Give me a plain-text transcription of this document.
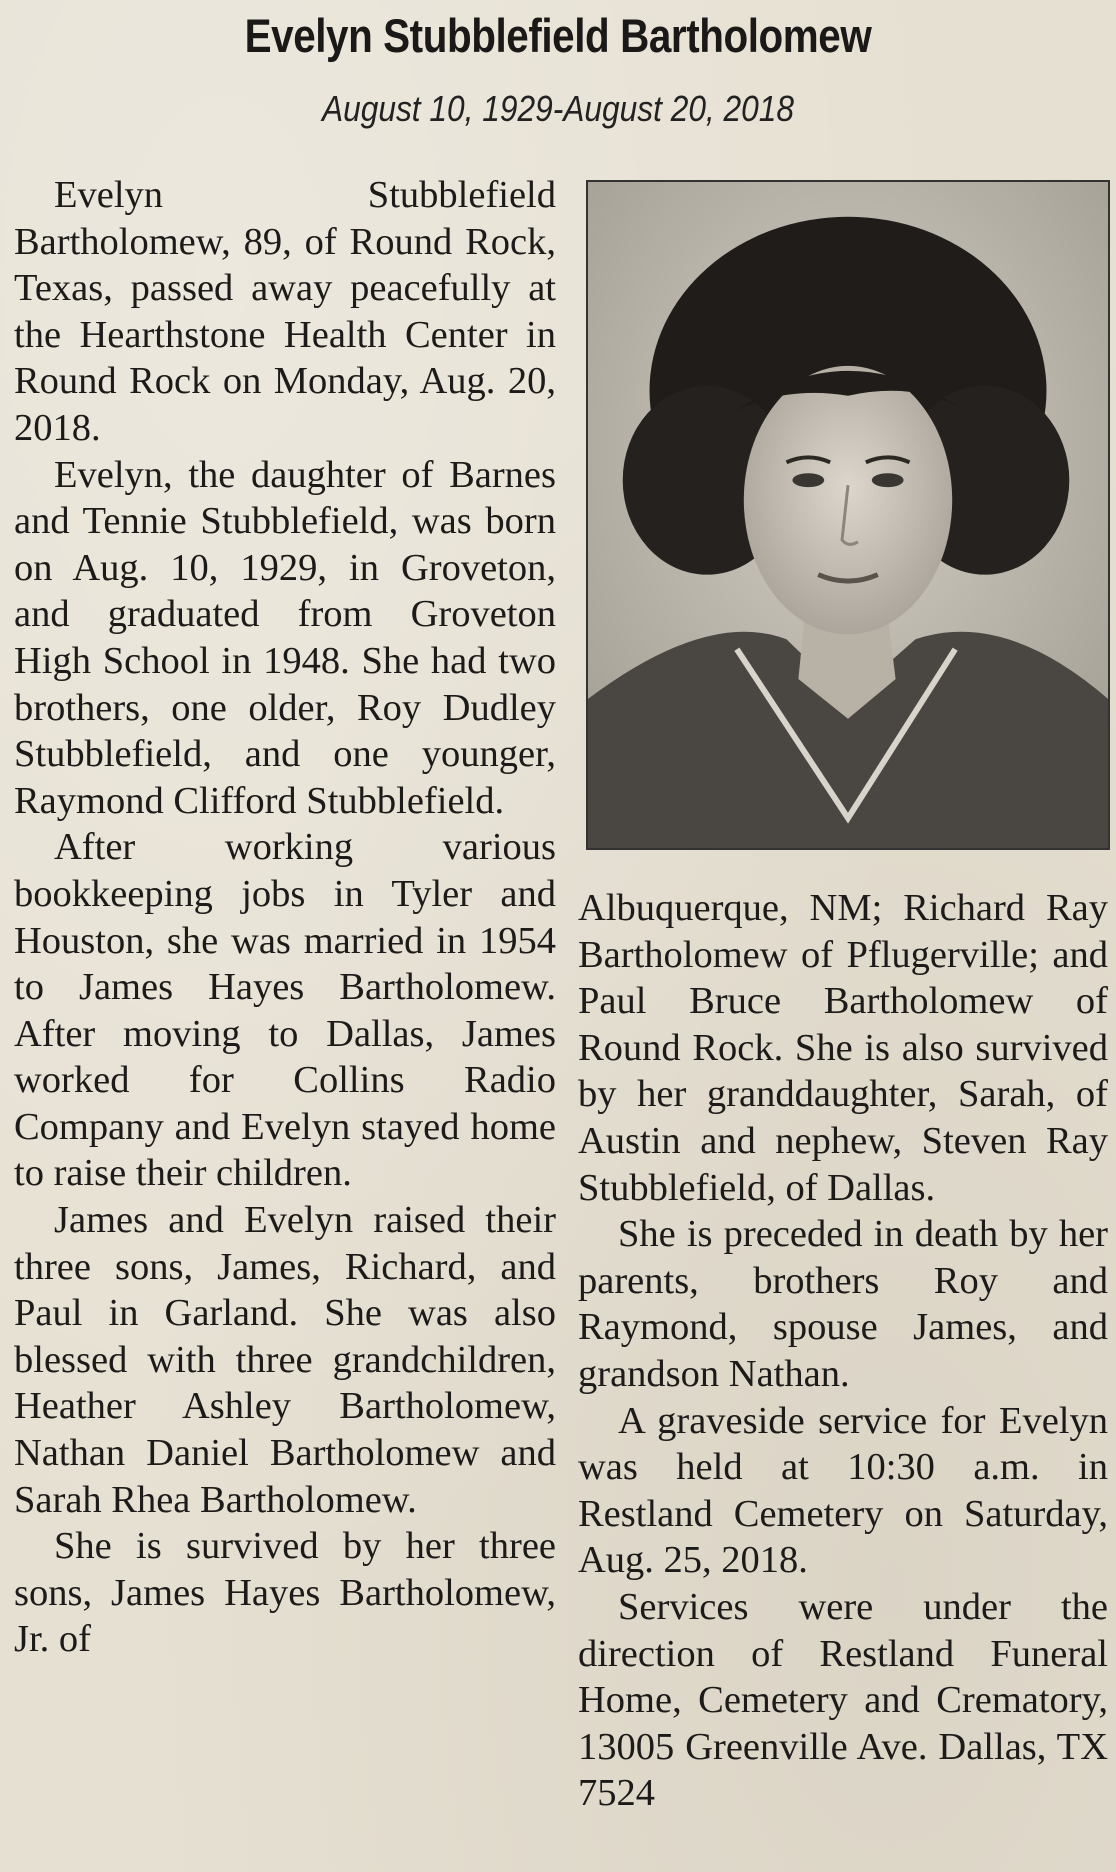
Evelyn Stubblefield Bartholomew
August 10, 1929-August 20, 2018

Evelyn Stubblefield Bartholomew, 89, of Round Rock, Texas, passed away peacefully at the Hearthstone Health Center in Round Rock on Monday, Aug. 20, 2018.

Evelyn, the daughter of Barnes and Tennie Stubblefield, was born on Aug. 10, 1929, in Groveton, and graduated from Groveton High School in 1948. She had two brothers, one older, Roy Dudley Stubblefield, and one younger, Raymond Clifford Stubblefield.

After working various bookkeeping jobs in Tyler and Houston, she was married in 1954 to James Hayes Bartholomew. After moving to Dallas, James worked for Collins Radio Company and Evelyn stayed home to raise their children.

James and Evelyn raised their three sons, James, Richard, and Paul in Garland. She was also blessed with three grandchildren, Heather Ashley Bartholomew, Nathan Daniel Bartholomew and Sarah Rhea Bartholomew.

She is survived by her three sons, James Hayes Bartholomew, Jr. of

Albuquerque, NM; Richard Ray Bartholomew of Pflugerville; and Paul Bruce Bartholomew of Round Rock. She is also survived by her granddaughter, Sarah, of Austin and nephew, Steven Ray Stubblefield, of Dallas.

She is preceded in death by her parents, brothers Roy and Raymond, spouse James, and grandson Nathan.

A graveside service for Evelyn was held at 10:30 a.m. in Restland Cemetery on Saturday, Aug. 25, 2018.

Services were under the direction of Restland Funeral Home, Cemetery and Crematory, 13005 Greenville Ave. Dallas, TX 7524
